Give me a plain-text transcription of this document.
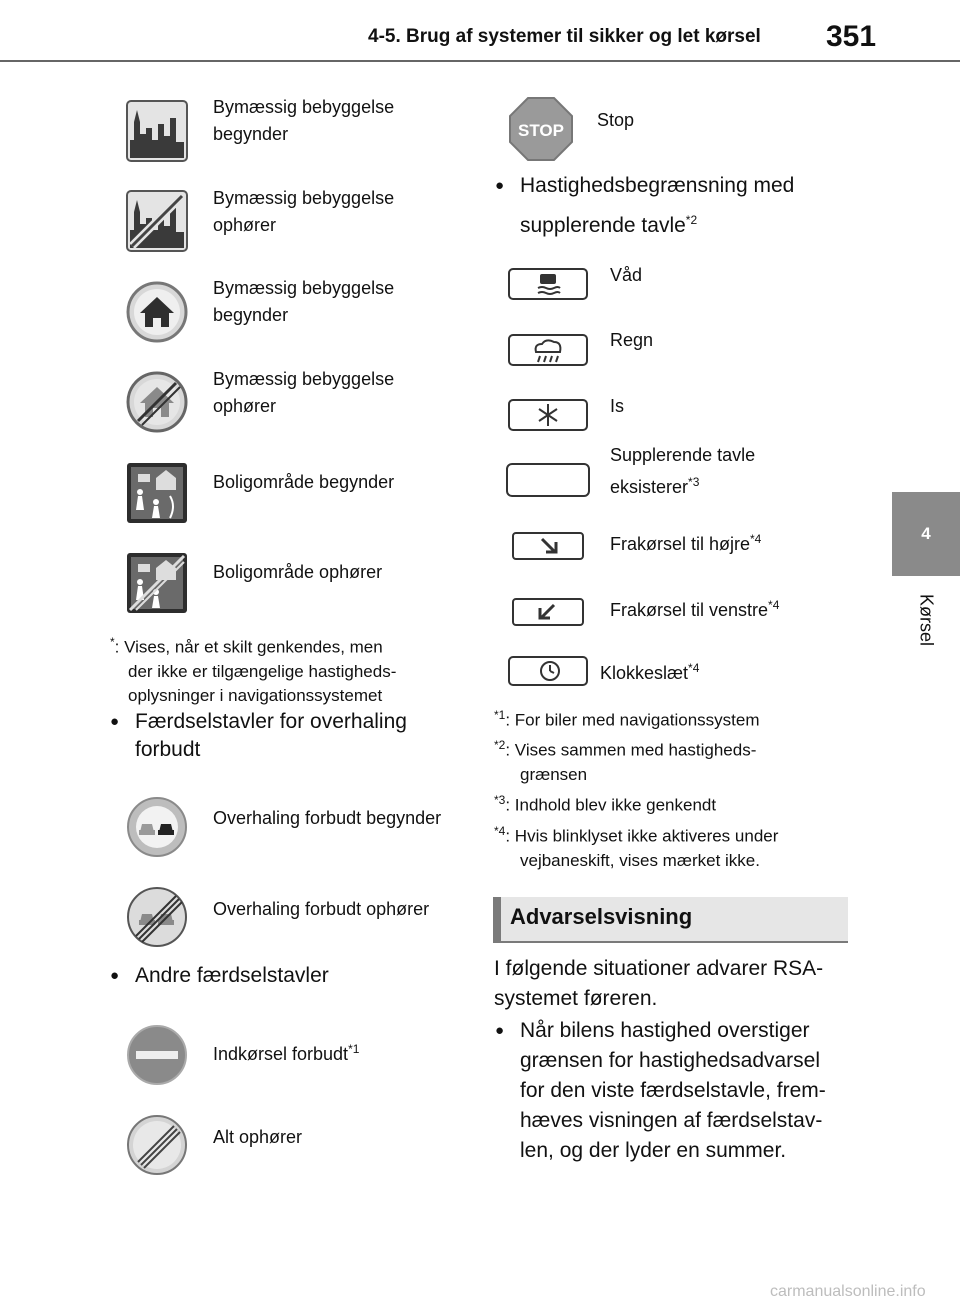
4-5. Brug af systemer til sikker og let kørsel 351
4
Kørsel
Bymæssig bebyggelse
begynder
Bymæssig bebyggelse
ophører
Bymæssig bebyggelse
begynder
Bymæssig bebyggelse
ophører
Boligområde begynder
Boligområde ophører
*: Vises, når et skilt genkendes, men
der ikke er tilgængelige hastigheds-
oplysninger i navigationssystemet
● Færdselstavler for overhaling
forbudt
Overhaling forbudt begynder
Overhaling forbudt ophører
● Andre færdselstavler
Indkørsel forbudt$^{*1}$
Alt ophører
STOP
Stop
● Hastighedsbegrænsning med
supplerende tavle$^{*2}$
Våd
Regn
Is
Supplerende tavle
eksisterer$^{*3}$
Frakørsel til højre$^{*4}$
Frakørsel til venstre$^{*4}$
Klokkeslæt$^{*4}$
$^{*1}$: For biler med navigationssystem
$^{*2}$: Vises sammen med hastigheds-
grænsen
$^{*3}$: Indhold blev ikke genkendt
$^{*4}$: Hvis blinklyset ikke aktiveres under
vejbaneskift, vises mærket ikke.
Advarselsvisning
I følgende situationer advarer RSA-
systemet føreren.
● Når bilens hastighed overstiger
grænsen for hastighedsadvarsel
for den viste færdselstavle, frem-
hæves visningen af færdselstav-
len, og der lyder en summer.
carmanualsonline.info
